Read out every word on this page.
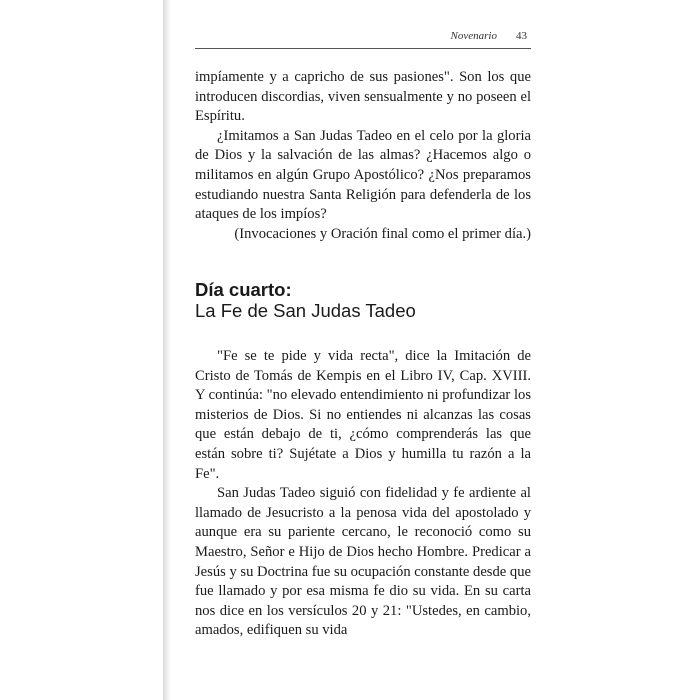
Novenario 43

impíamente y a capricho de sus pasiones". Son los que introducen discordias, viven sensualmente y no poseen el Espíritu.

¿Imitamos a San Judas Tadeo en el celo por la gloria de Dios y la salvación de las almas? ¿Hacemos algo o militamos en algún Grupo Apostólico? ¿Nos preparamos estudiando nuestra Santa Religión para defenderla de los ataques de los impíos?

(Invocaciones y Oración final como el primer día.)

Día cuarto:
La Fe de San Judas Tadeo

"Fe se te pide y vida recta", dice la Imitación de Cristo de Tomás de Kempis en el Libro IV, Cap. XVIII. Y continúa: "no elevado entendimiento ni profundizar los misterios de Dios. Si no entiendes ni alcanzas las cosas que están debajo de ti, ¿cómo comprenderás las que están sobre ti? Sujétate a Dios y humilla tu razón a la Fe".

San Judas Tadeo siguió con fidelidad y fe ardiente al llamado de Jesucristo a la penosa vida del apostolado y aunque era su pariente cercano, le reconoció como su Maestro, Señor e Hijo de Dios hecho Hombre. Predicar a Jesús y su Doctrina fue su ocupación constante desde que fue llamado y por esa misma fe dio su vida. En su carta nos dice en los versículos 20 y 21: "Ustedes, en cambio, amados, edifiquen su vida
